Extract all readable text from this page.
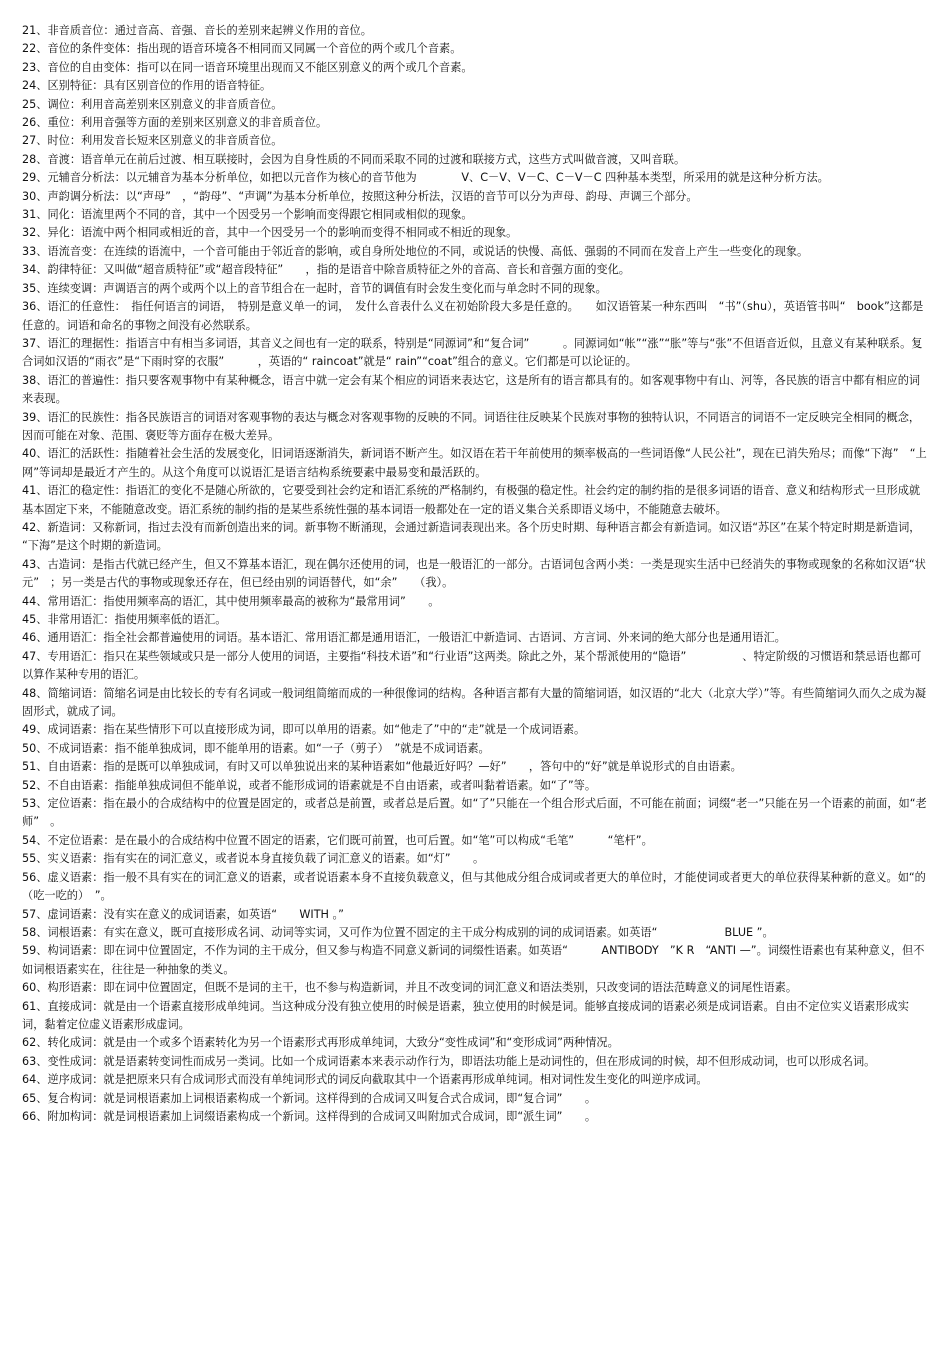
21、非音质音位：通过音高、音强、音长的差别来起辨义作用的音位。

22、音位的条件变体：指出现的语音环境各不相同而又同属一个音位的两个或几个音素。

23、音位的自由变体：指可以在同一语音环境里出现而又不能区别意义的两个或几个音素。

24、区别特征：具有区别音位的作用的语音特征。

25、调位：利用音高差别来区别意义的非音质音位。

26、重位：利用音强等方面的差别来区别意义的非音质音位。

27、时位：利用发音长短来区别意义的非音质音位。

28、音渡：语音单元在前后过渡、相互联接时，会因为自身性质的不同而采取不同的过渡和联接方式，这些方式叫做音渡，又叫音联。

29、元辅音分析法：以元辅音为基本分析单位，如把以元音作为核心的音节他为　　　　V、C－V、V－C、C－V－C 四种基本类型，所采用的就是这种分析方法。

30、声韵调分析法：以“声母”　，“韵母”、“声调”为基本分析单位，按照这种分析法，汉语的音节可以分为声母、韵母、声调三个部分。

31、同化：语流里两个不同的音，其中一个因受另一个影响而变得跟它相同或相似的现象。

32、异化：语流中两个相同或相近的音，其中一个因受另一个的影响而变得不相同或不相近的现象。

33、语流音变：在连续的语流中，一个音可能由于邻近音的影响，或自身所处地位的不同，或说话的快慢、高低、强弱的不同而在发音上产生一些变化的现象。

34、韵律特征：又叫做“超音质特征”或“超音段特征”　　，指的是语音中除音质特征之外的音高、音长和音强方面的变化。

35、连续变调：声调语言的两个或两个以上的音节组合在一起时，音节的调值有时会发生变化而与单念时不同的现象。

36、语汇的任意性：　指任何语言的词语，　特别是意义单一的词，　发什么音表什么义在初始阶段大多是任意的。　　如汉语管某一种东西叫　“书”（shu），英语管书叫“　book”这都是任意的。词语和命名的事物之间没有必然联系。

37、语汇的理据性：指语言中有相当多词语，其音义之间也有一定的联系，特别是“同源词”和“复合词”　　　。同源词如“帐”“涨”“胀”等与“张”不但语音近似，且意义有某种联系。复合词如汉语的“雨衣”是“下雨时穿的衣服”　　　，英语的“ raincoat”就是“ rain”“coat”组合的意义。它们都是可以论证的。

38、语汇的普遍性：指只要客观事物中有某种概念，语言中就一定会有某个相应的词语来表达它，这是所有的语言都具有的。如客观事物中有山、河等，各民族的语言中都有相应的词来表现。

39、语汇的民族性：指各民族语言的词语对客观事物的表达与概念对客观事物的反映的不同。词语往往反映某个民族对事物的独特认识，不同语言的词语不一定反映完全相同的概念，因而可能在对象、范围、褒贬等方面存在极大差异。

40、语汇的活跃性：指随着社会生活的发展变化，旧词语逐渐消失，新词语不断产生。如汉语在若干年前使用的频率极高的一些词语像“人民公社”，现在已消失殆尽；而像“下海”　“上网”等词却是最近才产生的。从这个角度可以说语汇是语言结构系统要素中最易变和最活跃的。

41、语汇的稳定性：指语汇的变化不是随心所欲的，它要受到社会约定和语汇系统的严格制约，有极强的稳定性。社会约定的制约指的是很多词语的语音、意义和结构形式一旦形成就基本固定下来，不能随意改变。语汇系统的制约指的是某些系统性强的基本词语一般都处在一定的语义集合关系即语义场中，不能随意去破坏。

42、新造词：又称新词，指过去没有而新创造出来的词。新事物不断涌现，会通过新造词表现出来。各个历史时期、每种语言都会有新造词。如汉语“苏区”在某个特定时期是新造词，　“下海”是这个时期的新造词。

43、古造词：是指古代就已经产生，但又不算基本语汇，现在偶尔还使用的词，也是一般语汇的一部分。古语词包含两小类：一类是现实生活中已经消失的事物或现象的名称如汉语“状元”　；另一类是古代的事物或现象还存在，但已经由别的词语替代，如“余”　　（我）。

44、常用语汇：指使用频率高的语汇，其中使用频率最高的被称为“最常用词”　　。

45、非常用语汇：指使用频率低的语汇。

46、通用语汇：指全社会都普遍使用的词语。基本语汇、常用语汇都是通用语汇，一般语汇中新造词、古语词、方言词、外来词的绝大部分也是通用语汇。

47、专用语汇：指只在某些领域或只是一部分人使用的词语，主要指“科技术语”和“行业语”这两类。除此之外，某个帮派使用的“隐语”　　　　　、特定阶级的习惯语和禁忌语也都可以算作某种专用的语汇。

48、简缩词语：简缩名词是由比较长的专有名词或一般词组简缩而成的一种很像词的结构。各种语言都有大量的简缩词语，如汉语的“北大（北京大学）”等。有些简缩词久而久之成为凝固形式，就成了词。

49、成词语素：指在某些情形下可以直接形成为词，即可以单用的语素。如“他走了”中的“走”就是一个成词语素。

50、不成词语素：指不能单独成词，即不能单用的语素。如“一子（剪子）　”就是不成词语素。

51、自由语素：指的是既可以单独成词，有时又可以单独说出来的某种语素如“他最近好吗？—好”　　，答句中的“好”就是单说形式的自由语素。

52、不自由语素：指能单独成词但不能单说，或者不能形成词的语素就是不自由语素，或者叫黏着语素。如“了”等。

53、定位语素：指在最小的合成结构中的位置是固定的，或者总是前置，或者总是后置。如“了”只能在一个组合形式后面，不可能在前面；词缀“老一”只能在另一个语素的前面，如“老师”　。

54、不定位语素：是在最小的合成结构中位置不固定的语素，它们既可前置，也可后置。如“笔”可以构成“毛笔”　　　“笔杆”。

55、实义语素：指有实在的词汇意义，或者说本身直接负载了词汇意义的语素。如“灯”　　。

56、虚义语素：指一般不具有实在的词汇意义的语素，或者说语素本身不直接负载意义，但与其他成分组合成词或者更大的单位时，才能使词或者更大的单位获得某种新的意义。如“的（吃一吃的）　”。

57、虚词语素：没有实在意义的成词语素，如英语“　　WITH 。”

58、词根语素：有实在意义，既可直接形成名词、动词等实词，又可作为位置不固定的主干成分构成别的词的成词语素。如英语“　　　　　　BLUE ”。

59、构词语素：即在词中位置固定，不作为词的主干成分，但又参与构造不同意义新词的词缀性语素。如英语“　　　ANTIBODY　”K R　“ANTI —”。词缀性语素也有某种意义，但不如词根语素实在，往往是一种抽象的类义。

60、构形语素：即在词中位置固定，但既不是词的主干，也不参与构造新词，并且不改变词的词汇意义和语法类别，只改变词的语法范畴意义的词尾性语素。

61、直接成词：就是由一个语素直接形成单纯词。当这种成分没有独立使用的时候是语素，独立使用的时候是词。能够直接成词的语素必须是成词语素。自由不定位实义语素形成实词，黏着定位虚义语素形成虚词。

62、转化成词：就是由一个或多个语素转化为另一个语素形式再形成单纯词，大致分“变性成词”和“变形成词”两种情况。

63、变性成词：就是语素转变词性而成另一类词。比如一个成词语素本来表示动作行为，即语法功能上是动词性的，但在形成词的时候，却不但形成动词，也可以形成名词。

64、逆序成词：就是把原来只有合成词形式而没有单纯词形式的词反向截取其中一个语素再形成单纯词。相对词性发生变化的叫逆序成词。

65、复合构词：就是词根语素加上词根语素构成一个新词。这样得到的合成词又叫复合式合成词，即“复合词”　　。

66、附加构词：就是词根语素加上词缀语素构成一个新词。这样得到的合成词又叫附加式合成词，即“派生词”　　。
